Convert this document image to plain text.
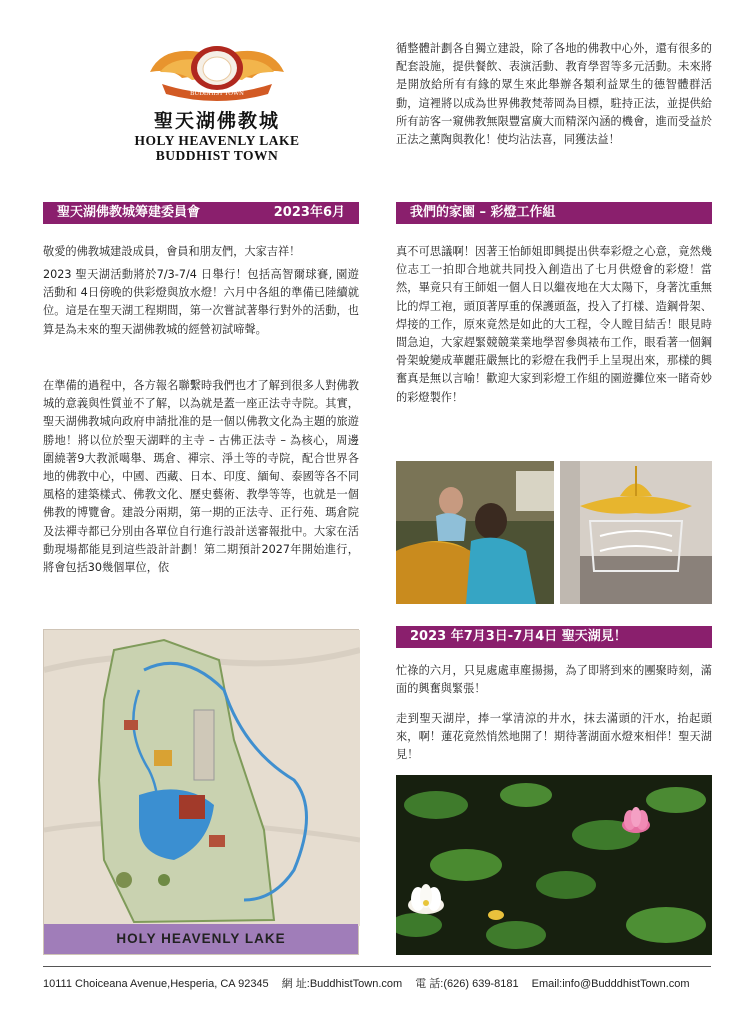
BUDDHIST TOWN
聖天湖佛教城
HOLY HEAVENLY LAKE
BUDDHIST TOWN
聖天湖佛教城筹建委員會	2023年6月
敬愛的佛教城建設成員，會員和朋友們，大家吉祥！
2023 聖天湖活動將於7/3-7/4 日舉行！包括高智爾球賽, 園遊活動和 4日傍晚的供彩燈與放水燈！六月中各組的準備已陸續就位。這是在聖天湖工程期間，第一次嘗試著舉行對外的活動，也算是為未來的聖天湖佛教城的經營初試啼聲。
在準備的過程中，各方報名聯繫時我們也才了解到很多人對佛教城的意義與性質並不了解，以為就是蓋一座正法寺寺院。其實，聖天湖佛教城向政府申請批准的是一個以佛教文化為主題的旅遊勝地！將以位於聖天湖畔的主寺 – 古佛正法寺 – 為核心，周邊圍繞著9大教派噶舉、瑪倉、禪宗、淨土等的寺院，配合世界各地的佛教中心，中國、西藏、日本、印度、緬甸、泰國等各不同風格的建築樣式、佛教文化、歷史藝術、教學等等，也就是一個佛教的博覽會。建設分兩期，第一期的正法寺、正行苑、瑪倉院及法禪寺都已分別由各單位自行進行設計送審報批中。大家在活動現場都能見到這些設計計劃！第二期預計2027年開始進行，將會包括30幾個單位，依
HOLY HEAVENLY LAKE
循整體計劃各自獨立建設，除了各地的佛教中心外，還有很多的配套設施，提供餐飲、表演活動、教育學習等多元活動。未來將是開放給所有有緣的眾生來此舉辦各類利益眾生的德智體群活動，這裡將以成為世界佛教梵蒂岡為目標，駐持正法，並提供給所有訪客一窺佛教無限豐富廣大而精深內涵的機會，進而受益於正法之薰陶與教化！使均沾法喜，同獲法益！
我們的家園 – 彩燈工作組
真不可思議啊！因著王怡師姐即興提出供奉彩燈之心意，竟然幾位志工一拍即合地就共同投入創造出了七月供燈會的彩燈！當然，畢竟只有王師姐一個人日以繼夜地在大太陽下，身著沈重無比的焊工袍，頭頂著厚重的保護頭盔，投入了打樣、造鋼骨架、焊接的工作，原來竟然是如此的大工程，令人瞠目結舌！眼見時間急迫，大家趕緊競競業業地學習參與裱布工作，眼看著一個鋼骨架蛻變成華麗莊嚴無比的彩燈在我們手上呈現出來，那樣的興奮真是無以言喻！歡迎大家到彩燈工作組的園遊攤位來一睹奇妙的彩燈製作！
2023 年7月3日-7月4日 聖天湖見！
忙祿的六月，只見處處車塵揚揚，為了即將到來的團聚時刻，滿面的興奮與緊張！
走到聖天湖岸，捧一掌清涼的井水，抹去滿頭的汗水，抬起頭來，啊！蓮花竟然悄然地開了！期待著湖面水燈來相伴！聖天湖見！
10111 Choiceana Avenue,Hesperia, CA 92345 網 址:BuddhistTown.com 電 話:(626) 639-8181 Email:info@BudddhistTown.com
